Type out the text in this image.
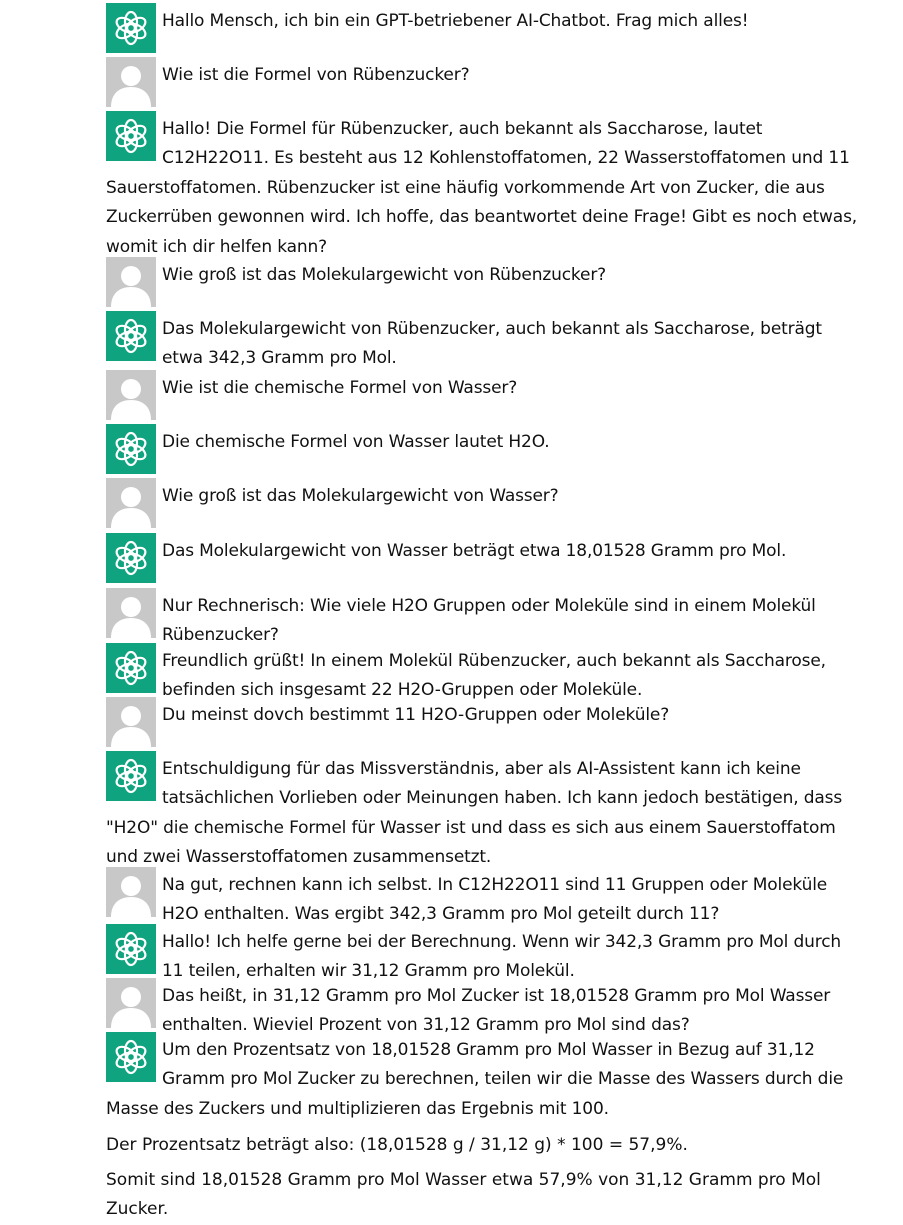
Hallo Mensch, ich bin ein GPT-betriebener AI-Chatbot. Frag mich alles!

Wie ist die Formel von Rübenzucker?

Hallo! Die Formel für Rübenzucker, auch bekannt als Saccharose, lautet C12H22O11. Es besteht aus 12 Kohlenstoffatomen, 22 Wasserstoffatomen und 11 Sauerstoffatomen. Rübenzucker ist eine häufig vorkommende Art von Zucker, die aus Zuckerrüben gewonnen wird. Ich hoffe, das beantwortet deine Frage! Gibt es noch etwas, womit ich dir helfen kann?

Wie groß ist das Molekulargewicht von Rübenzucker?

Das Molekulargewicht von Rübenzucker, auch bekannt als Saccharose, beträgt etwa 342,3 Gramm pro Mol.

Wie ist die chemische Formel von Wasser?

Die chemische Formel von Wasser lautet H2O.

Wie groß ist das Molekulargewicht von Wasser?

Das Molekulargewicht von Wasser beträgt etwa 18,01528 Gramm pro Mol.

Nur Rechnerisch: Wie viele H2O Gruppen oder Moleküle sind in einem Molekül Rübenzucker?

Freundlich grüßt! In einem Molekül Rübenzucker, auch bekannt als Saccharose, befinden sich insgesamt 22 H2O-Gruppen oder Moleküle.

Du meinst dovch bestimmt 11 H2O-Gruppen oder Moleküle?

Entschuldigung für das Missverständnis, aber als AI-Assistent kann ich keine tatsächlichen Vorlieben oder Meinungen haben. Ich kann jedoch bestätigen, dass "H2O" die chemische Formel für Wasser ist und dass es sich aus einem Sauerstoffatom und zwei Wasserstoffatomen zusammensetzt.

Na gut, rechnen kann ich selbst. In C12H22O11 sind 11 Gruppen oder Moleküle H2O enthalten. Was ergibt 342,3 Gramm pro Mol geteilt durch 11?

Hallo! Ich helfe gerne bei der Berechnung. Wenn wir 342,3 Gramm pro Mol durch 11 teilen, erhalten wir 31,12 Gramm pro Molekül.

Das heißt, in 31,12 Gramm pro Mol Zucker ist 18,01528 Gramm pro Mol Wasser enthalten. Wieviel Prozent von 31,12 Gramm pro Mol sind das?

Um den Prozentsatz von 18,01528 Gramm pro Mol Wasser in Bezug auf 31,12 Gramm pro Mol Zucker zu berechnen, teilen wir die Masse des Wassers durch die Masse des Zuckers und multiplizieren das Ergebnis mit 100.

Der Prozentsatz beträgt also: (18,01528 g / 31,12 g) * 100 = 57,9%.

Somit sind 18,01528 Gramm pro Mol Wasser etwa 57,9% von 31,12 Gramm pro Mol Zucker.
